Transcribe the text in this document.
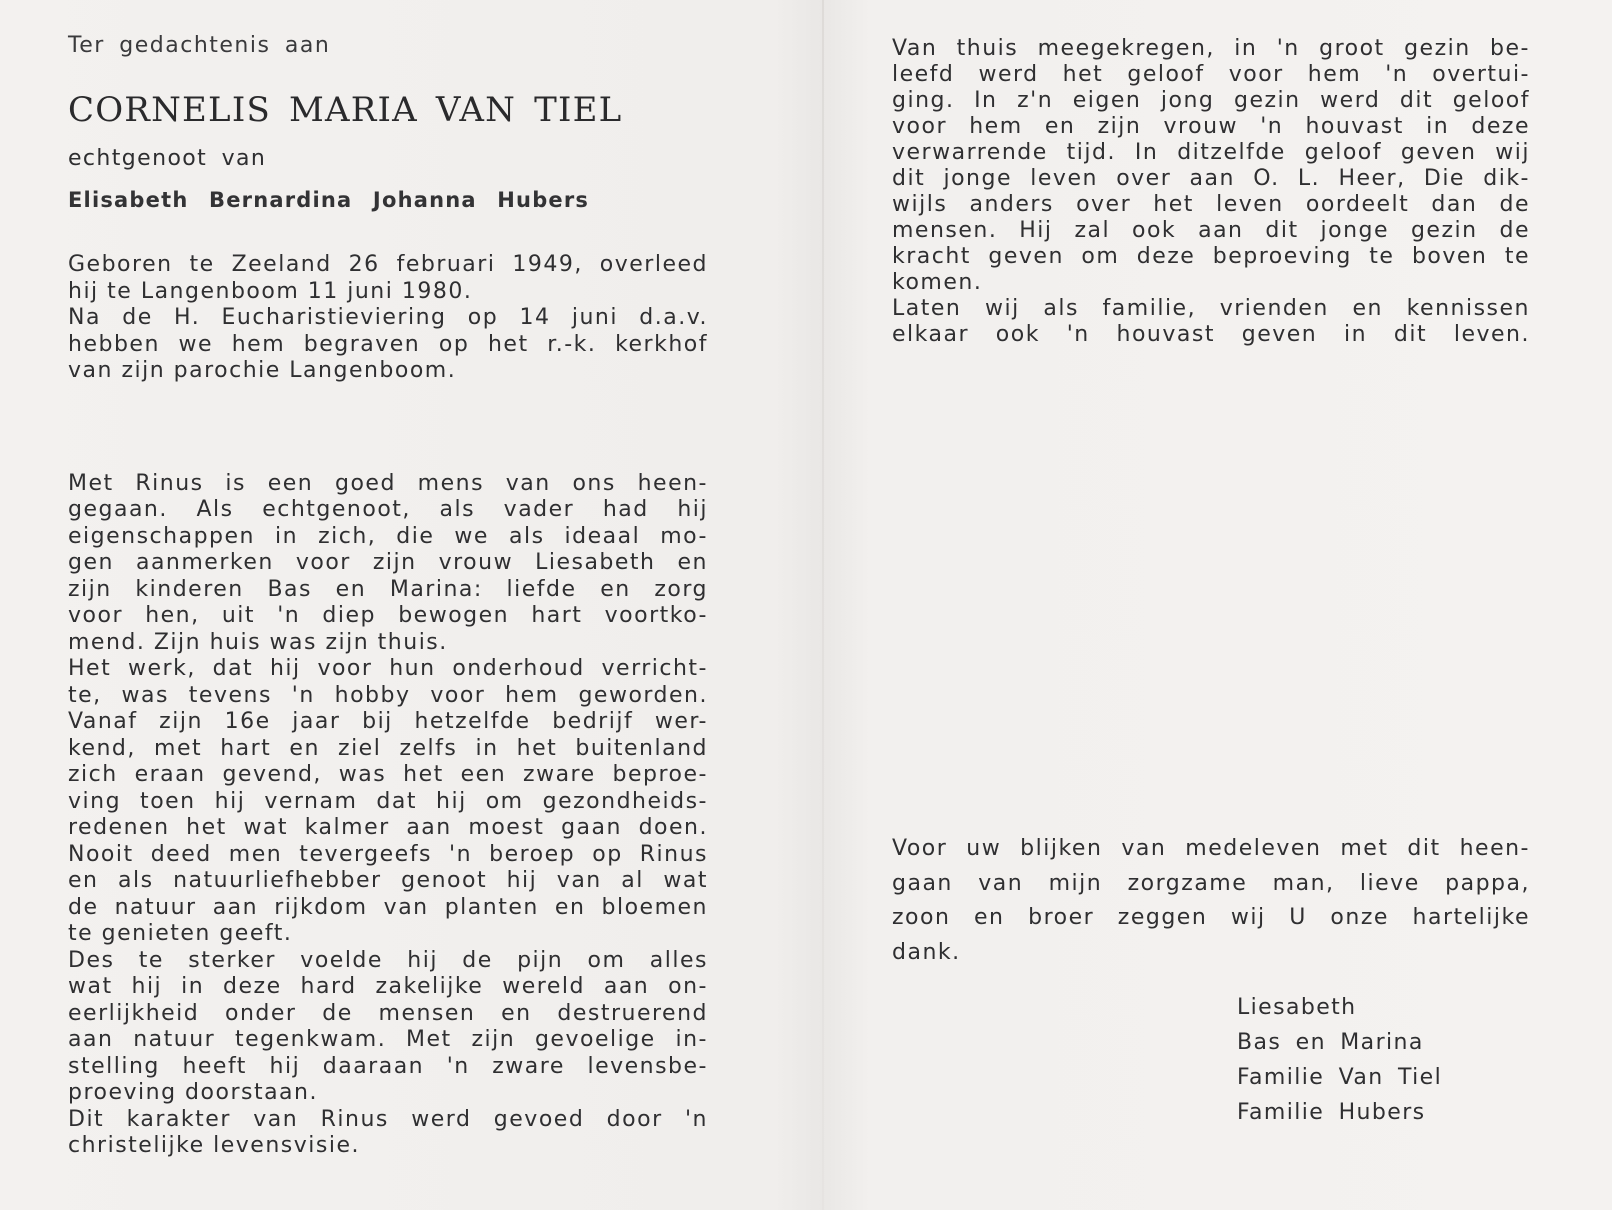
Ter gedachtenis aan
CORNELIS MARIA VAN TIEL
echtgenoot van
Elisabeth Bernardina Johanna Hubers
Geboren te Zeeland 26 februari 1949, overleed
hij te Langenboom 11 juni 1980.
Na de H. Eucharistieviering op 14 juni d.a.v.
hebben we hem begraven op het r.-k. kerkhof
van zijn parochie Langenboom.
Met Rinus is een goed mens van ons heen-
gegaan. Als echtgenoot, als vader had hij
eigenschappen in zich, die we als ideaal mo-
gen aanmerken voor zijn vrouw Liesabeth en
zijn kinderen Bas en Marina: liefde en zorg
voor hen, uit 'n diep bewogen hart voortko-
mend. Zijn huis was zijn thuis.
Het werk, dat hij voor hun onderhoud verricht-
te, was tevens 'n hobby voor hem geworden.
Vanaf zijn 16e jaar bij hetzelfde bedrijf wer-
kend, met hart en ziel zelfs in het buitenland
zich eraan gevend, was het een zware beproe-
ving toen hij vernam dat hij om gezondheids-
redenen het wat kalmer aan moest gaan doen.
Nooit deed men tevergeefs 'n beroep op Rinus
en als natuurliefhebber genoot hij van al wat
de natuur aan rijkdom van planten en bloemen
te genieten geeft.
Des te sterker voelde hij de pijn om alles
wat hij in deze hard zakelijke wereld aan on-
eerlijkheid onder de mensen en destruerend
aan natuur tegenkwam. Met zijn gevoelige in-
stelling heeft hij daaraan 'n zware levensbe-
proeving doorstaan.
Dit karakter van Rinus werd gevoed door 'n
christelijke levensvisie.
Van thuis meegekregen, in 'n groot gezin be-
leefd werd het geloof voor hem 'n overtui-
ging. In z'n eigen jong gezin werd dit geloof
voor hem en zijn vrouw 'n houvast in deze
verwarrende tijd. In ditzelfde geloof geven wij
dit jonge leven over aan O. L. Heer, Die dik-
wijls anders over het leven oordeelt dan de
mensen. Hij zal ook aan dit jonge gezin de
kracht geven om deze beproeving te boven te
komen.
Laten wij als familie, vrienden en kennissen
elkaar ook 'n houvast geven in dit leven.
Voor uw blijken van medeleven met dit heen-
gaan van mijn zorgzame man, lieve pappa,
zoon en broer zeggen wij U onze hartelijke
dank.
Liesabeth
Bas en Marina
Familie Van Tiel
Familie Hubers
